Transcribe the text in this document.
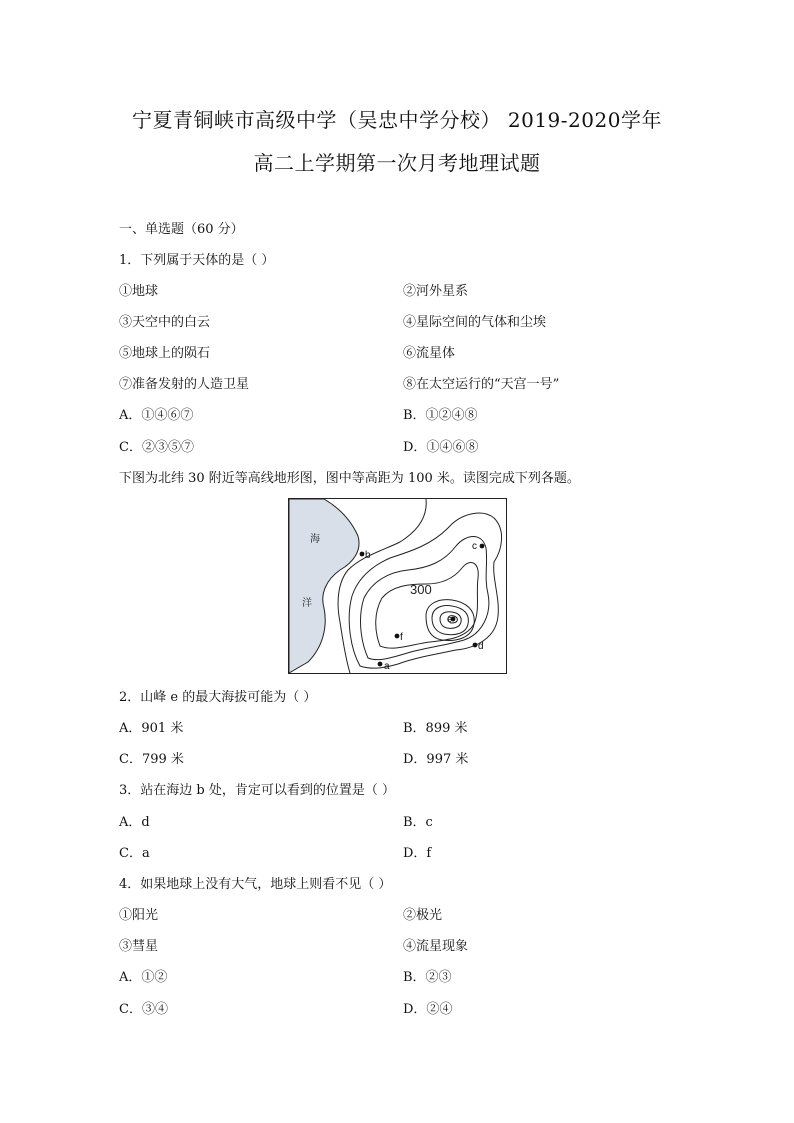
宁夏青铜峡市高级中学（吴忠中学分校） 2019-2020学年
高二上学期第一次月考地理试题
一、单选题（60 分）
1．下列属于天体的是（ ）
①地球	②河外星系
③天空中的白云	④星际空间的气体和尘埃
⑤地球上的陨石	⑥流星体
⑦准备发射的人造卫星	⑧在太空运行的“天宫一号”
A．①④⑥⑦	B．①②④⑧
C．②③⑤⑦	D．①④⑥⑧
下图为北纬 30 附近等高线地形图，图中等高距为 100 米。读图完成下列各题。
海
洋
300
b
c
e
f
d
a
2．山峰 e 的最大海拔可能为（ ）
A．901 米	B．899 米
C．799 米	D．997 米
3．站在海边 b 处，肯定可以看到的位置是（ ）
A．d	B．c
C．a	D．f
4．如果地球上没有大气，地球上则看不见（ ）
①阳光	②极光
③彗星	④流星现象
A．①②	B．②③
C．③④	D．②④
